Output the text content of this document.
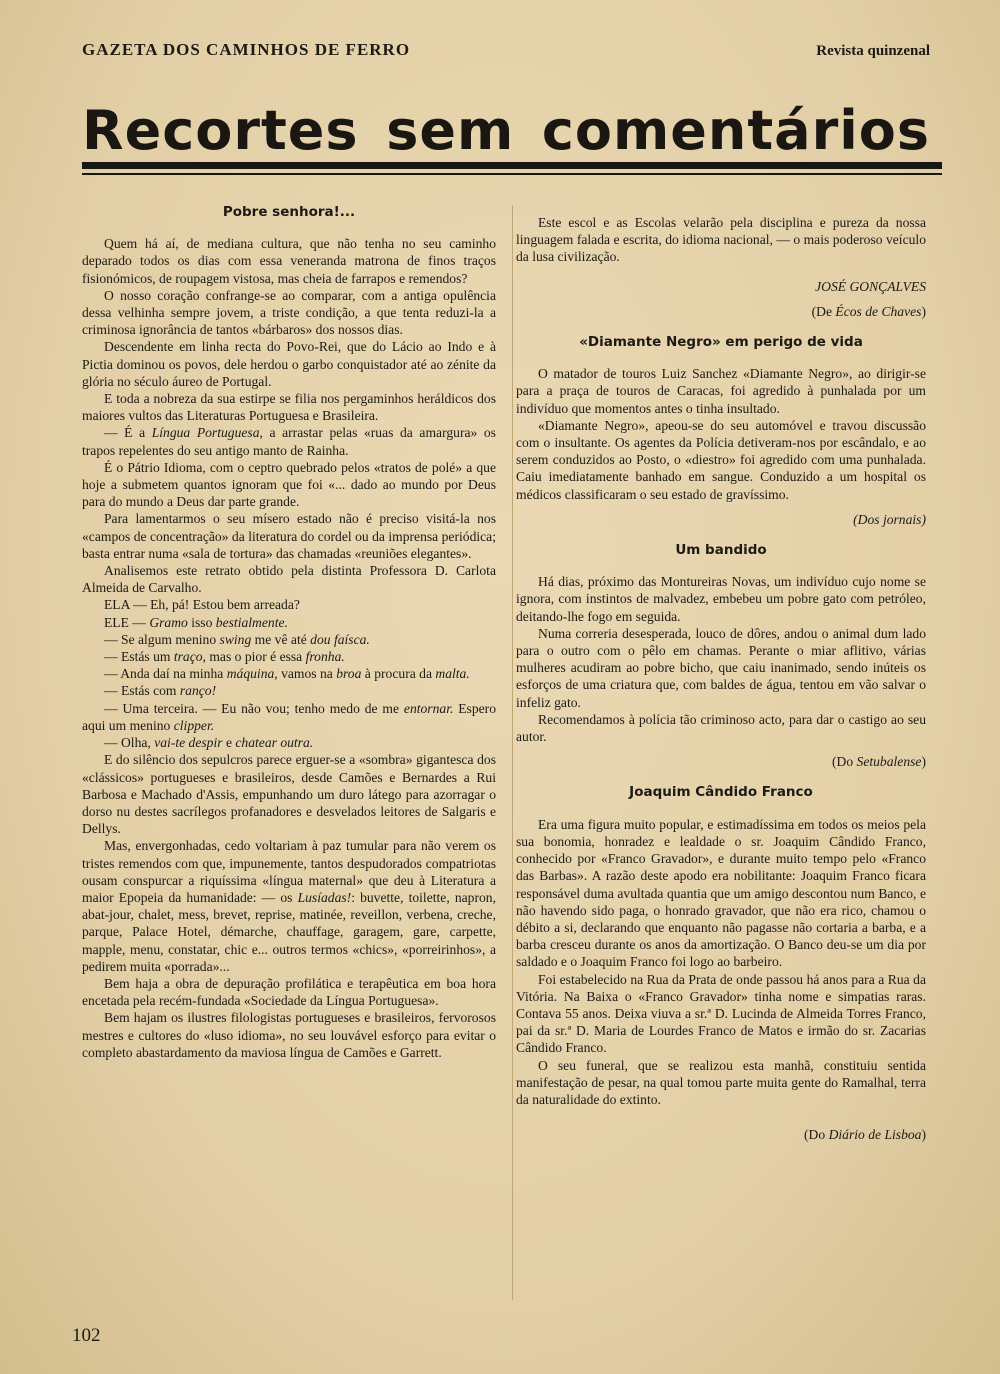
GAZETA DOS CAMINHOS DE FERRO	Revista quinzenal
Recortes sem comentários
Pobre senhora!...

Quem há aí, de mediana cultura, que não tenha no seu caminho deparado todos os dias com essa veneranda matrona de finos traços fisionómicos, de roupagem vistosa, mas cheia de farrapos e remendos?

O nosso coração confrange-se ao comparar, com a antiga opulência dessa velhinha sempre jovem, a triste condição, a que tenta reduzi-la a criminosa ignorância de tantos «bárbaros» dos nossos dias.

Descendente em linha recta do Povo-Rei, que do Lácio ao Indo e à Pictia dominou os povos, dele herdou o garbo conquistador até ao zénite da glória no século áureo de Portugal.

E toda a nobreza da sua estirpe se filia nos pergaminhos heráldicos dos maiores vultos das Literaturas Portuguesa e Brasileira.

— É a Língua Portuguesa, a arrastar pelas «ruas da amargura» os trapos repelentes do seu antigo manto de Rainha.

É o Pátrio Idioma, com o ceptro quebrado pelos «tratos de polé» a que hoje a submetem quantos ignoram que foi «... dado ao mundo por Deus para do mundo a Deus dar parte grande.

Para lamentarmos o seu mísero estado não é preciso visitá-la nos «campos de concentração» da literatura do cordel ou da imprensa periódica; basta entrar numa «sala de tortura» das chamadas «reuniões elegantes».

Analisemos este retrato obtido pela distinta Professora D. Carlota Almeida de Carvalho.

ELA — Eh, pá! Estou bem arreada?

ELE — Gramo isso bestialmente.

— Se algum menino swing me vê até dou faísca.

— Estás um traço, mas o pior é essa fronha.

— Anda daí na minha máquina, vamos na broa à procura da malta.

— Estás com ranço!

— Uma terceira. — Eu não vou; tenho medo de me entornar. Espero aqui um menino clipper.

— Olha, vai-te despir e chatear outra.

E do silêncio dos sepulcros parece erguer-se a «sombra» gigantesca dos «clássicos» portugueses e brasileiros, desde Camões e Bernardes a Rui Barbosa e Machado d'Assis, empunhando um duro látego para azorragar o dorso nu destes sacrílegos profanadores e desvelados leitores de Salgaris e Dellys.

Mas, envergonhadas, cedo voltariam à paz tumular para não verem os tristes remendos com que, impunemente, tantos despudorados compatriotas ousam conspurcar a riquíssima «língua maternal» que deu à Literatura a maior Epopeia da humanidade: — os Lusíadas!: buvette, toilette, napron, abat-jour, chalet, mess, brevet, reprise, matinée, reveillon, verbena, creche, parque, Palace Hotel, démarche, chauffage, garagem, gare, carpette, mapple, menu, constatar, chic e... outros termos «chics», «porreirinhos», a pedirem muita «porrada»...

Bem haja a obra de depuração profilática e terapêutica em boa hora encetada pela recém-fundada «Sociedade da Língua Portuguesa».

Bem hajam os ilustres filologistas portugueses e brasileiros, fervorosos mestres e cultores do «luso idioma», no seu louvável esforço para evitar o completo abastardamento da maviosa língua de Camões e Garrett.

Este escol e as Escolas velarão pela disciplina e pureza da nossa linguagem falada e escrita, do idioma nacional, — o mais poderoso veículo da lusa civilização.

JOSÉ GONÇALVES
(De Écos de Chaves)
«Diamante Negro» em perigo de vida

O matador de touros Luiz Sanchez «Diamante Negro», ao dirigir-se para a praça de touros de Caracas, foi agredido à punhalada por um indivíduo que momentos antes o tinha insultado.

«Diamante Negro», apeou-se do seu automóvel e travou discussão com o insultante. Os agentes da Polícia detiveram-nos por escândalo, e ao serem conduzidos ao Posto, o «diestro» foi agredido com uma punhalada. Caiu imediatamente banhado em sangue. Conduzido a um hospital os médicos classificaram o seu estado de gravíssimo.

(Dos jornais)
Um bandido

Há dias, próximo das Montureiras Novas, um indivíduo cujo nome se ignora, com instintos de malvadez, embebeu um pobre gato com petróleo, deitando-lhe fogo em seguida.

Numa correria desesperada, louco de dôres, andou o animal dum lado para o outro com o pêlo em chamas. Perante o miar aflitivo, várias mulheres acudiram ao pobre bicho, que caiu inanimado, sendo inúteis os esforços de uma criatura que, com baldes de água, tentou em vão salvar o infeliz gato.

Recomendamos à polícia tão criminoso acto, para dar o castigo ao seu autor.

(Do Setubalense)
Joaquim Cândido Franco

Era uma figura muito popular, e estimadíssima em todos os meios pela sua bonomia, honradez e lealdade o sr. Joaquim Cândido Franco, conhecido por «Franco Gravador», e durante muito tempo pelo «Franco das Barbas». A razão deste apodo era nobilitante: Joaquim Franco ficara responsável duma avultada quantia que um amigo descontou num Banco, e não havendo sido paga, o honrado gravador, que não era rico, chamou o débito a si, declarando que enquanto não pagasse não cortaria a barba, e a barba cresceu durante os anos da amortização. O Banco deu-se um dia por saldado e o Joaquim Franco foi logo ao barbeiro.

Foi estabelecido na Rua da Prata de onde passou há anos para a Rua da Vitória. Na Baixa o «Franco Gravador» tinha nome e simpatias raras. Contava 55 anos. Deixa viuva a sr.ª D. Lucinda de Almeida Torres Franco, pai da sr.ª D. Maria de Lourdes Franco de Matos e irmão do sr. Zacarias Cândido Franco.

O seu funeral, que se realizou esta manhã, constituiu sentida manifestação de pesar, na qual tomou parte muita gente do Ramalhal, terra da naturalidade do extinto.

(Do Diário de Lisboa)
102
